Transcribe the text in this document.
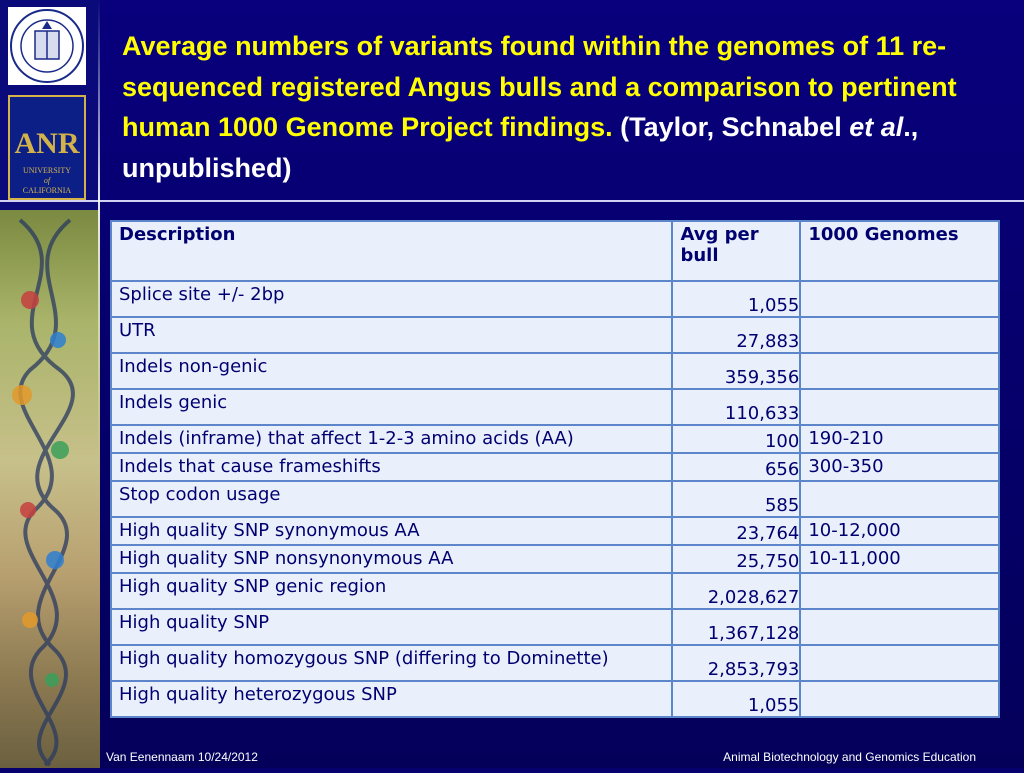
ANR
UNIVERSITY
of
CALIFORNIA
Average numbers of variants found within the genomes of 11 re-sequenced registered Angus bulls and a comparison to pertinent human 1000 Genome Project findings. (Taylor, Schnabel et al., unpublished)
Description	Avg per bull	1000 Genomes
Splice site +/- 2bp	1,055	
UTR	27,883	
Indels non-genic	359,356	
Indels genic	110,633	
Indels (inframe) that affect 1-2-3 amino acids (AA)	100	190-210
Indels that cause frameshifts	656	300-350
Stop codon usage	585	
High quality SNP synonymous AA	23,764	10-12,000
High quality SNP nonsynonymous AA	25,750	10-11,000
High quality SNP genic region	2,028,627	
High quality SNP	1,367,128	
High quality homozygous SNP (differing to Dominette)	2,853,793	
High quality heterozygous SNP	1,055	
Van Eenennaam 10/24/2012	Animal Biotechnology and Genomics Education
